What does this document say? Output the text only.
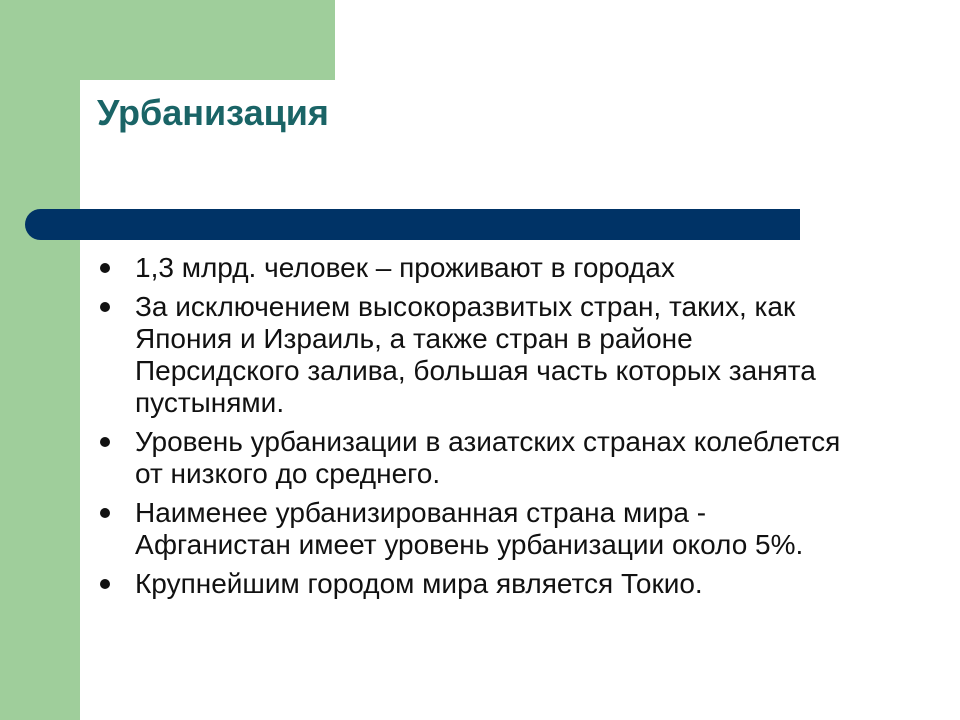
Урбанизация
1,3 млрд. человек – проживают в городах
За исключением высокоразвитых стран, таких, как Япония и Израиль, а также стран в районе Персидского залива, большая часть которых занята пустынями.
Уровень урбанизации в азиатских странах колеблется от низкого до среднего.
Наименее урбанизированная страна мира - Афганистан имеет уровень урбанизации около 5%.
Крупнейшим городом мира является Токио.
